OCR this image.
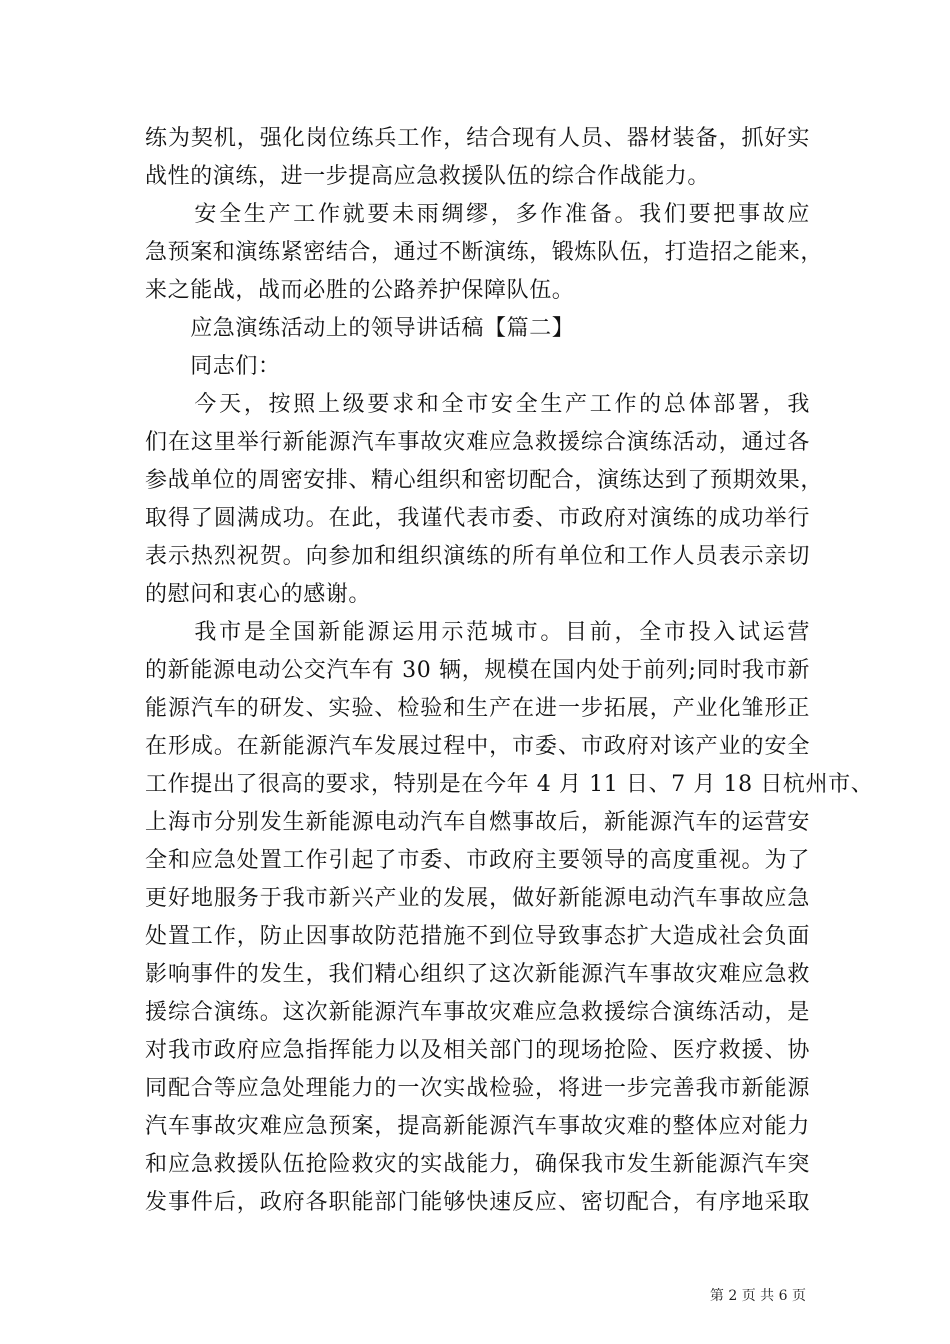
练为契机，强化岗位练兵工作，结合现有人员、器材装备，抓好实
战性的演练，进一步提高应急救援队伍的综合作战能力。
　　安全生产工作就要未雨绸缪，多作准备。我们要把事故应
急预案和演练紧密结合，通过不断演练，锻炼队伍，打造招之能来，
来之能战，战而必胜的公路养护保障队伍。
　　应急演练活动上的领导讲话稿【篇二】
　　同志们：
　　今天，按照上级要求和全市安全生产工作的总体部署，我
们在这里举行新能源汽车事故灾难应急救援综合演练活动，通过各
参战单位的周密安排、精心组织和密切配合，演练达到了预期效果，
取得了圆满成功。在此，我谨代表市委、市政府对演练的成功举行
表示热烈祝贺。向参加和组织演练的所有单位和工作人员表示亲切
的慰问和衷心的感谢。
　　我市是全国新能源运用示范城市。目前，全市投入试运营
的新能源电动公交汽车有 30 辆，规模在国内处于前列;同时我市新
能源汽车的研发、实验、检验和生产在进一步拓展，产业化雏形正
在形成。在新能源汽车发展过程中，市委、市政府对该产业的安全
工作提出了很高的要求，特别是在今年 4 月 11 日、7 月 18 日杭州市、
上海市分别发生新能源电动汽车自燃事故后，新能源汽车的运营安
全和应急处置工作引起了市委、市政府主要领导的高度重视。为了
更好地服务于我市新兴产业的发展，做好新能源电动汽车事故应急
处置工作，防止因事故防范措施不到位导致事态扩大造成社会负面
影响事件的发生，我们精心组织了这次新能源汽车事故灾难应急救
援综合演练。这次新能源汽车事故灾难应急救援综合演练活动，是
对我市政府应急指挥能力以及相关部门的现场抢险、医疗救援、协
同配合等应急处理能力的一次实战检验，将进一步完善我市新能源
汽车事故灾难应急预案，提高新能源汽车事故灾难的整体应对能力
和应急救援队伍抢险救灾的实战能力，确保我市发生新能源汽车突
发事件后，政府各职能部门能够快速反应、密切配合，有序地采取
第 2 页 共 6 页
